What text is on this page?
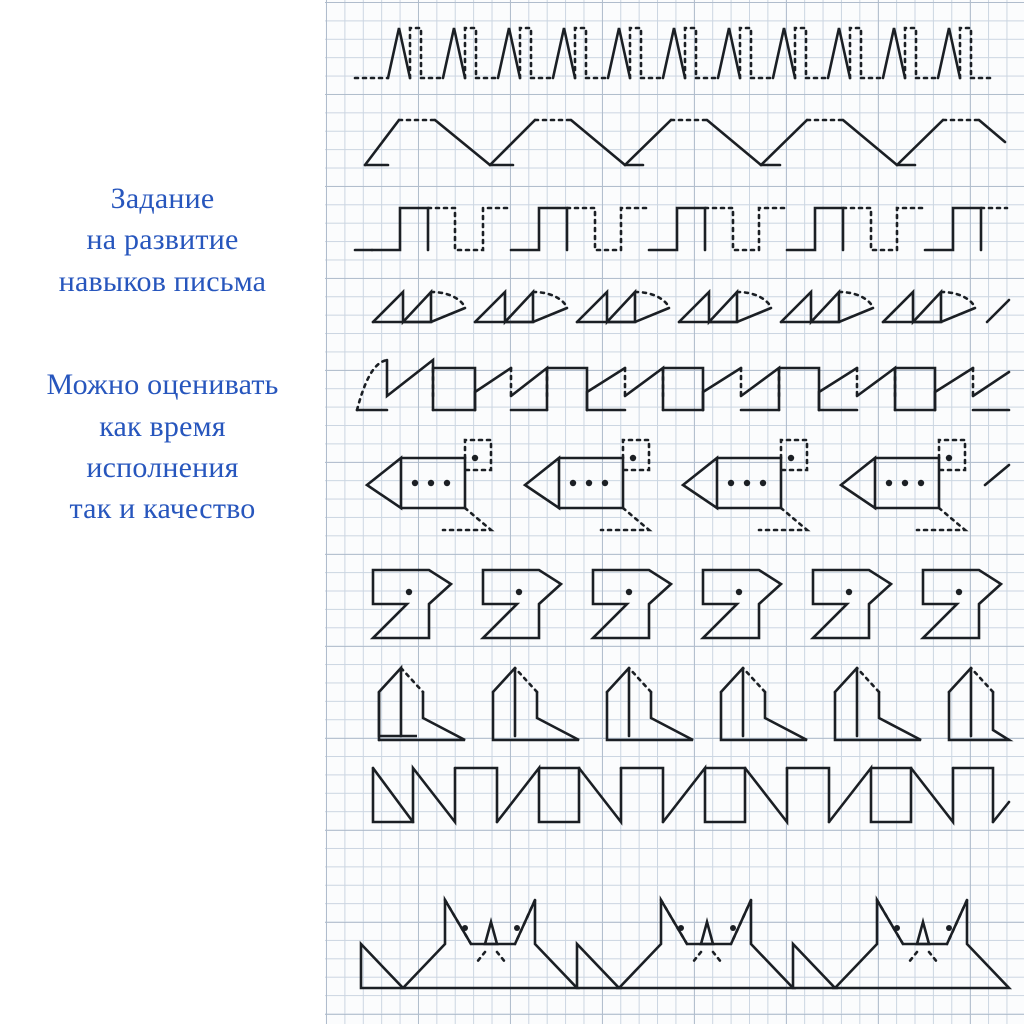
Задание
на развитие
навыков письма
Можно оценивать
как время
исполнения
так и качество
